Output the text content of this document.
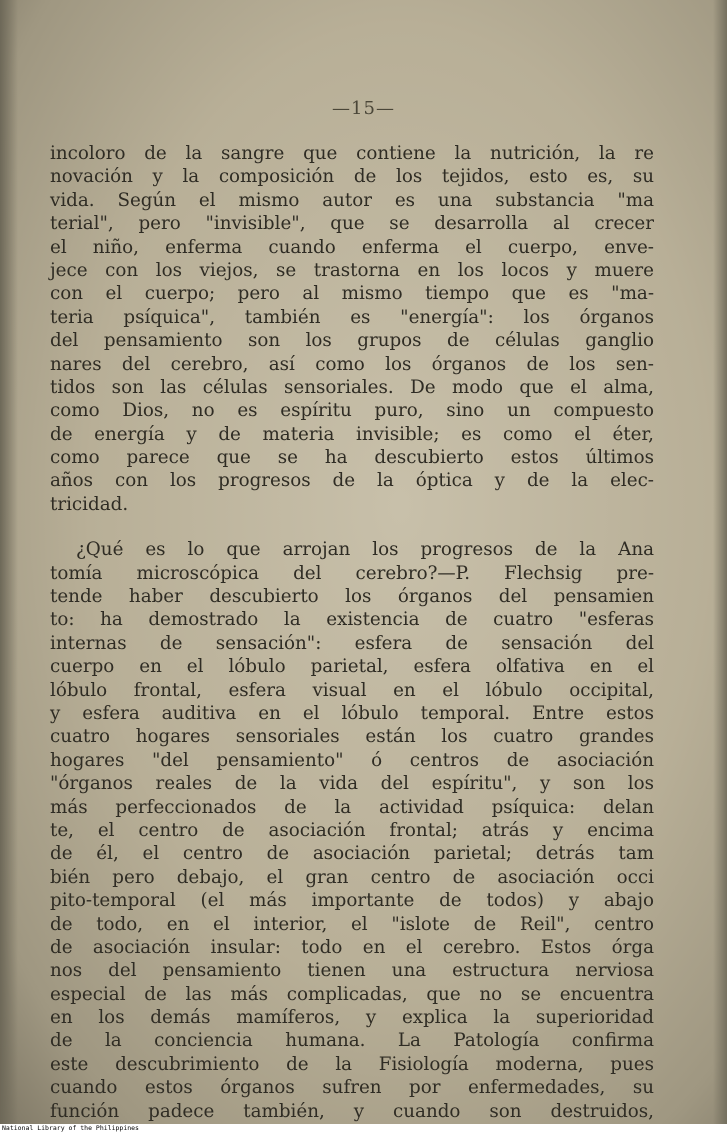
—15—
incoloro de la sangre que contiene la nutrición, la re
novación y la composición de los tejidos, esto es, su
vida. Según el mismo autor es una substancia "ma
terial", pero "invisible", que se desarrolla al crecer
el niño, enferma cuando enferma el cuerpo, enve-
jece con los viejos, se trastorna en los locos y muere
con el cuerpo; pero al mismo tiempo que es "ma-
teria psíquica", también es "energía": los órganos
del pensamiento son los grupos de células ganglio
nares del cerebro, así como los órganos de los sen-
tidos son las células sensoriales. De modo que el alma,
como Dios, no es espíritu puro, sino un compuesto
de energía y de materia invisible; es como el éter,
como parece que se ha descubierto estos últimos
años con los progresos de la óptica y de la elec-
tricidad.
¿Qué es lo que arrojan los progresos de la Ana
tomía microscópica del cerebro?—P. Flechsig pre-
tende haber descubierto los órganos del pensamien
to: ha demostrado la existencia de cuatro "esferas
internas de sensación": esfera de sensación del
cuerpo en el lóbulo parietal, esfera olfativa en el
lóbulo frontal, esfera visual en el lóbulo occipital,
y esfera auditiva en el lóbulo temporal. Entre estos
cuatro hogares sensoriales están los cuatro grandes
hogares "del pensamiento" ó centros de asociación
"órganos reales de la vida del espíritu", y son los
más perfeccionados de la actividad psíquica: delan
te, el centro de asociación frontal; atrás y encima
de él, el centro de asociación parietal; detrás tam
bién pero debajo, el gran centro de asociación occi
pito-temporal (el más importante de todos) y abajo
de todo, en el interior, el "islote de Reil", centro
de asociación insular: todo en el cerebro. Estos órga
nos del pensamiento tienen una estructura nerviosa
especial de las más complicadas, que no se encuentra
en los demás mamíferos, y explica la superioridad
de la conciencia humana. La Patología confirma
este descubrimiento de la Fisiología moderna, pues
cuando estos órganos sufren por enfermedades, su
función padece también, y cuando son destruidos,
National Library of the Philippines
